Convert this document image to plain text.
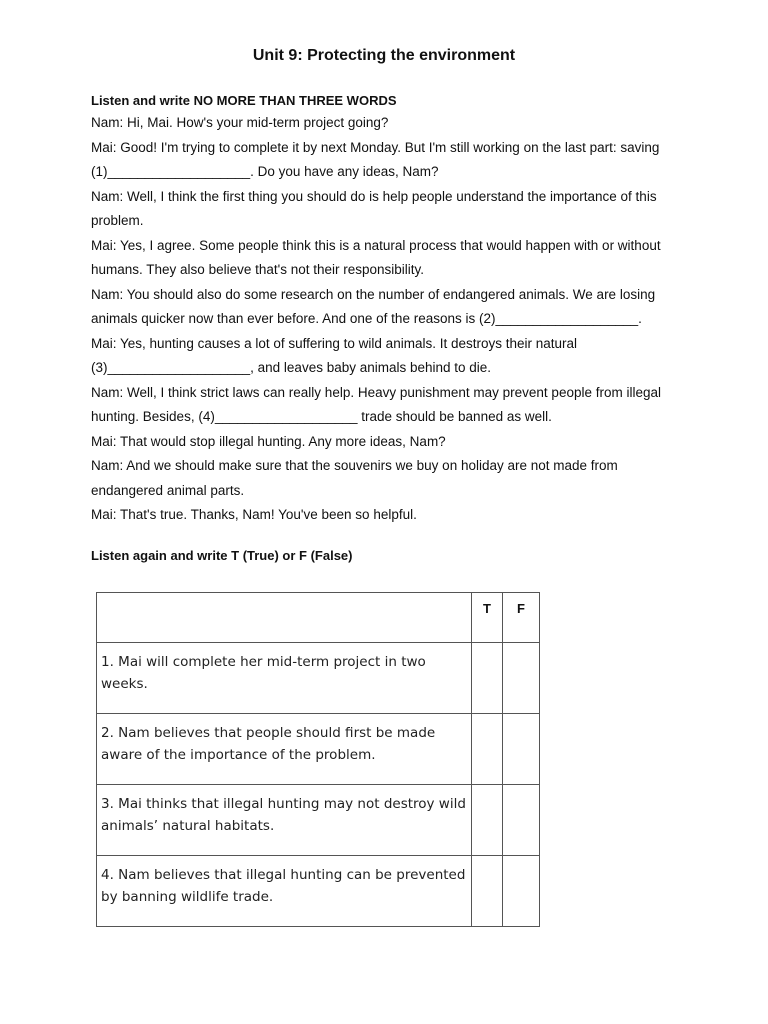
Unit 9: Protecting the environment
Listen and write NO MORE THAN THREE WORDS
Nam: Hi, Mai. How's your mid-term project going?
Mai: Good! I'm trying to complete it by next Monday. But I'm still working on the last part: saving
(1)___________________. Do you have any ideas, Nam?
Nam: Well, I think the first thing you should do is help people understand the importance of this
problem.
Mai: Yes, I agree. Some people think this is a natural process that would happen with or without
humans. They also believe that's not their responsibility.
Nam: You should also do some research on the number of endangered animals. We are losing
animals quicker now than ever before. And one of the reasons is (2)___________________.
Mai: Yes, hunting causes a lot of suffering to wild animals. It destroys their natural
(3)___________________, and leaves baby animals behind to die.
Nam: Well, I think strict laws can really help. Heavy punishment may prevent people from illegal
hunting. Besides, (4)___________________ trade should be banned as well.
Mai: That would stop illegal hunting. Any more ideas, Nam?
Nam: And we should make sure that the souvenirs we buy on holiday are not made from
endangered animal parts.
Mai: That's true. Thanks, Nam! You've been so helpful.
Listen again and write T (True) or F (False)
	T	F
1. Mai will complete her mid-term project in two weeks.		
2. Nam believes that people should first be made aware of the importance of the problem.		
3. Mai thinks that illegal hunting may not destroy wild animals’ natural habitats.		
4. Nam believes that illegal hunting can be prevented by banning wildlife trade.		
